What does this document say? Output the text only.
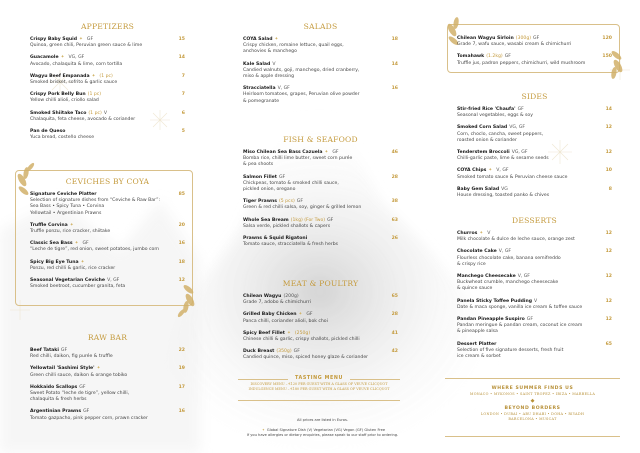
APPETIZERS
Crispy Baby Squid ✦ GF	15
Quinoa, green chili, Peruvian green sauce & lime
Guacamole ✦ VG, GF	14
Avocado, chalaquita & lime, corn tortilla
Wagyu Beef Empanada ✦ (1 pc)	7
Smoked brisket, sofrito & garlic sauce
Crispy Pork Belly Bun (1 pc)	7
Yellow chilli alioli, criollo salad
Smoked Shiitake Taco (1 pc) V	6
Chalaquita, feta cheese, avocado & coriander
Pan de Queso	5
Yuca bread, costeño cheese
CEVICHES BY COYA
Signature Ceviche Platter	85
Selection of signature dishes from “Ceviche & Raw Bar”:
Sea Bass • Spicy Tuna • Corvina
Yellowtail • Argentinian Prawns
Truffle Corvina ✦	20
Truffle ponzu, rice cracker, shiitake
Classic Sea Bass ✦ GF	16
“Leche de tigre”, red onion, sweet potatoes, jumbo corn
Spicy Big Eye Tuna ✦	18
Ponzu, red chilli & garlic, rice cracker
Seasonal Vegetarian Ceviche V, GF	12
Smoked beetroot, cucumber granita, feta
RAW BAR
Beef Tataki GF	22
Red chilli, daikon, fig purée & truffle
Yellowtail 'Sashimi Style' ✦	19
Green chilli sauce, daikon & orange tobiko
Hokkaido Scallops GF	17
Sweet Potato “leche de tigre”, yellow chilli,
chalaquita & fresh herbs
Argentinian Prawns GF	16
Tomato gazpacho, pink pepper corn, prawn cracker
SALADS
COYA Salad ✦	18
Crispy chicken, romaine lettuce, quail eggs,
anchovies & manchego
Kale Salad V	14
Candied walnuts, goji, manchego, dried cranberry,
miso & apple dressing
Stracciatella V, GF	16
Heirloom tomatoes, grapes, Peruvian olive powder
& pomegranate
FISH & SEAFOOD
Miso Chilean Sea Bass Cazuela ✦ GF	46
Bomba rice, chilli lime butter, sweet corn purée
& pea shoots
Salmon Fillet GF	28
Chickpeas, tomato & smoked chilli sauce,
pickled onion, oregano
Tiger Prawns (5 pcs) GF	38
Green & red chilli salsa, soy, ginger & grilled lemon
Whole Sea Bream (1kg) (For Two) GF	63
Salsa verde, pickled shallots & capers
Prawns & Squid Rigatoni	26
Tomato sauce, stracciatella & fresh herbs
MEAT & POULTRY
Chilean Wagyu (200g)	65
Grade 7, adobo & chimichurri
Grilled Baby Chicken ✦ GF	28
Panca chilli, coriander alioli, bok choi
Spicy Beef Fillet ✦ (250g)	41
Chinese chilli & garlic, crispy shallots, pickled chilli
Duck Breast (350g) GF	42
Candied quince, miso, spiced honey glaze & coriander
Chilean Wagyu Sirloin (300g) GF	120
Grade 7, wafu sauce, wasabi cream & chimichurri
Tomahawk (1.2kg) GF	150
Truffle jus, padron peppers, chimichurri, wild mushroom
SIDES
Stir-fried Rice 'Chaufa' GF	14
Seasonal vegetables, eggs & soy
Smoked Corn Salad VG, GF	12
Corn, choclo, cancha, sweet peppers,
roasted onion & coriander
Tenderstem Broccoli VG, GF	12
Chilli-garlic paste, lime & sesame seeds
COYA Chips ✦ V, GF	10
Smoked tomato sauce & Peruvian cheese sauce
Baby Gem Salad VG	8
House dressing, toasted panko & chives
DESSERTS
Churros ✦ V	12
Milk chocolate & dulce de leche sauce, orange zest
Chocolate Cake V, GF	12
Flourless chocolate cake, banana semifreddo
& crispy rice
Manchego Cheesecake V, GF	12
Buckwheat crumble, manchego cheesecake
& quince sauce
Panela Sticky Toffee Pudding V	12
Date & maca sponge, vanilla ice cream & toffee sauce
Pandan Pineapple Suspiro GF	12
Pandan meringue & pandan cream, coconut ice cream
& pineapple salsa
Dessert Platter	65
Selection of five signature desserts, fresh fruit
ice cream & sorbet
TASTING MENU
DISCOVERY MENU – €120 PER GUEST WITH A GLASS OF VEUVE CLICQUOT
INDULGENCE MENU – €180 PER GUEST WITH A GLASS OF VEUVE CLICQUOT
All prices are listed in Euros.
✦ Global Signature Dish (V) Vegetarian (VG) Vegan (GF) Gluten Free
If you have allergies or dietary enquiries, please speak to our staff prior to ordering.
WHERE SUMMER FINDS US
MONACO • MYKONOS • SAINT TROPEZ • IBIZA • MARBELLA
◆
BEYOND BORDERS
LONDON • DUBAI • ABU DHABI • DOHA • RIYADH
BARCELONA • MUSCAT
